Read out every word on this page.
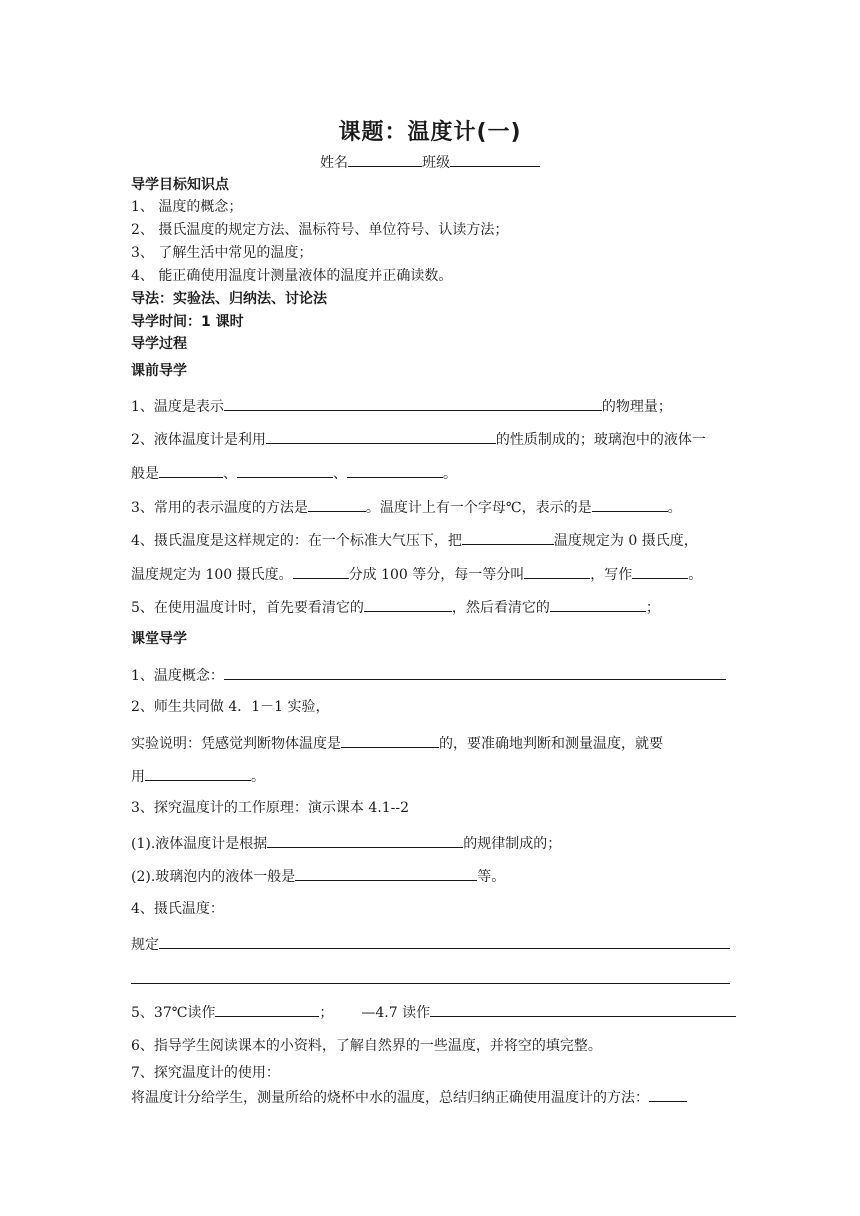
课题：温度计(一)
姓名	班级
导学目标知识点
1、 温度的概念；
2、 摄氏温度的规定方法、温标符号、单位符号、认读方法；
3、 了解生活中常见的温度；
4、 能正确使用温度计测量液体的温度并正确读数。
导法：实验法、归纳法、讨论法
导学时间：1 课时
导学过程
课前导学
1、温度是表示	的物理量；
2、液体温度计是利用	的性质制成的；玻璃泡中的液体一
般是	、	、	。
3、常用的表示温度的方法是	。温度计上有一个字母℃，表示的是	。
4、摄氏温度是这样规定的：在一个标准大气压下，把	温度规定为 0 摄氏度，
温度规定为 100 摄氏度。	分成 100 等分，每一等分叫	，写作	。
5、在使用温度计时，首先要看清它的	，然后看清它的	；
课堂导学
1、温度概念：
2、师生共同做 4．1－1 实验，
实验说明：凭感觉判断物体温度是	的，要准确地判断和测量温度，就要
用	。
3、探究温度计的工作原理：演示课本 4.1--2
(1).液体温度计是根据	的规律制成的；
(2).玻璃泡内的液体一般是	等。
4、摄氏温度：
规定
5、37℃读作	； —4.7 读作
6、指导学生阅读课本的小资料，了解自然界的一些温度，并将空的填完整。
7、探究温度计的使用：
将温度计分给学生，测量所给的烧杯中水的温度，总结归纳正确使用温度计的方法：
